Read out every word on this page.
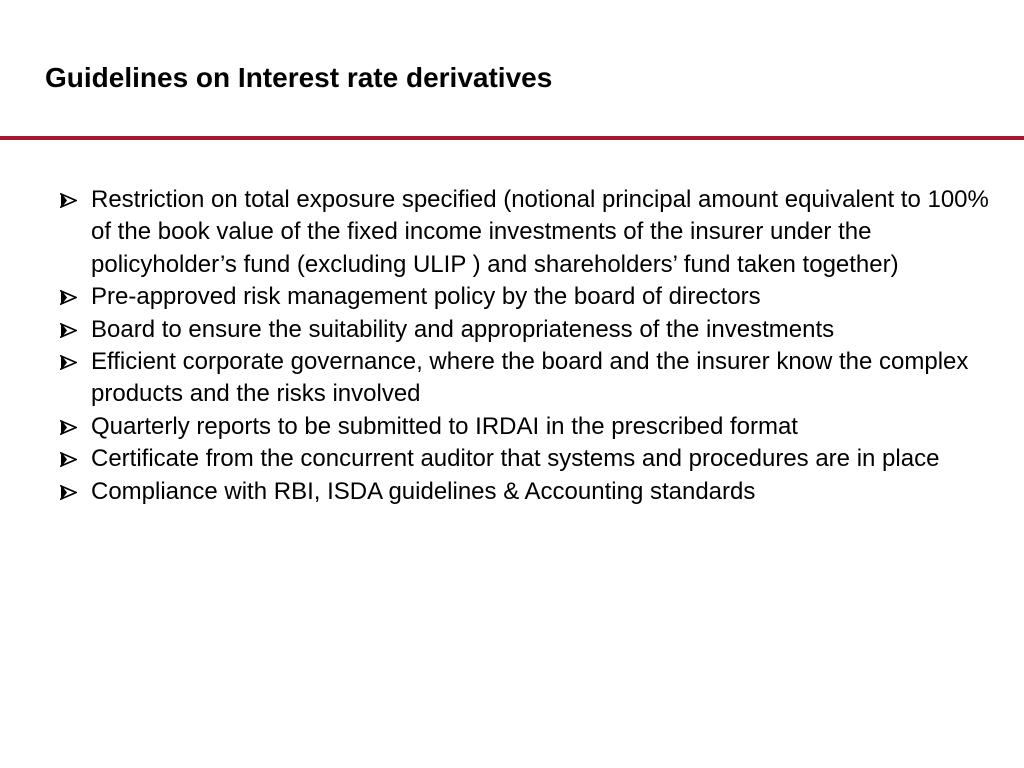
Guidelines on Interest rate derivatives
Restriction on total exposure specified (notional principal amount equivalent to 100% of the book value of the fixed income investments of the insurer under the policyholder’s fund (excluding ULIP ) and shareholders’ fund taken together)
Pre-approved risk management policy by the board of directors
Board to ensure the suitability and appropriateness of the investments
Efficient corporate governance, where the board and the insurer know the complex products and the risks involved
Quarterly reports to be submitted to IRDAI in the prescribed format
Certificate from the concurrent auditor that systems and procedures are in place
Compliance with RBI, ISDA guidelines & Accounting standards
